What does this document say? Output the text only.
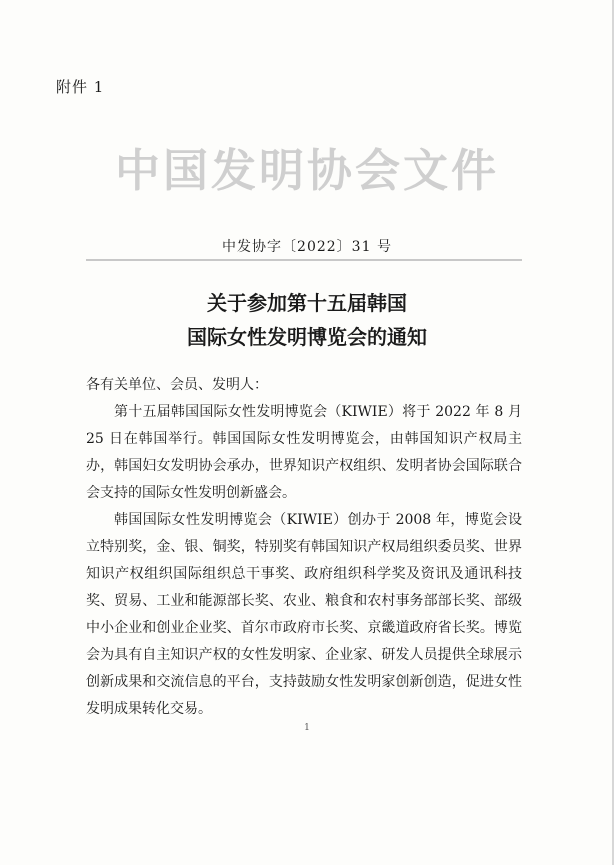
附件 1
中国发明协会文件
中发协字〔2022〕31 号
关于参加第十五届韩国
国际女性发明博览会的通知

各有关单位、会员、发明人：

第十五届韩国国际女性发明博览会（KIWIE）将于 2022 年 8 月 25 日在韩国举行。韩国国际女性发明博览会，由韩国知识产权局主办，韩国妇女发明协会承办，世界知识产权组织、发明者协会国际联合会支持的国际女性发明创新盛会。

韩国国际女性发明博览会（KIWIE）创办于 2008 年，博览会设立特别奖，金、银、铜奖，特别奖有韩国知识产权局组织委员奖、世界知识产权组织国际组织总干事奖、政府组织科学奖及资讯及通讯科技奖、贸易、工业和能源部长奖、农业、粮食和农村事务部部长奖、部级中小企业和创业企业奖、首尔市政府市长奖、京畿道政府省长奖。博览会为具有自主知识产权的女性发明家、企业家、研发人员提供全球展示创新成果和交流信息的平台，支持鼓励女性发明家创新创造，促进女性发明成果转化交易。

1
